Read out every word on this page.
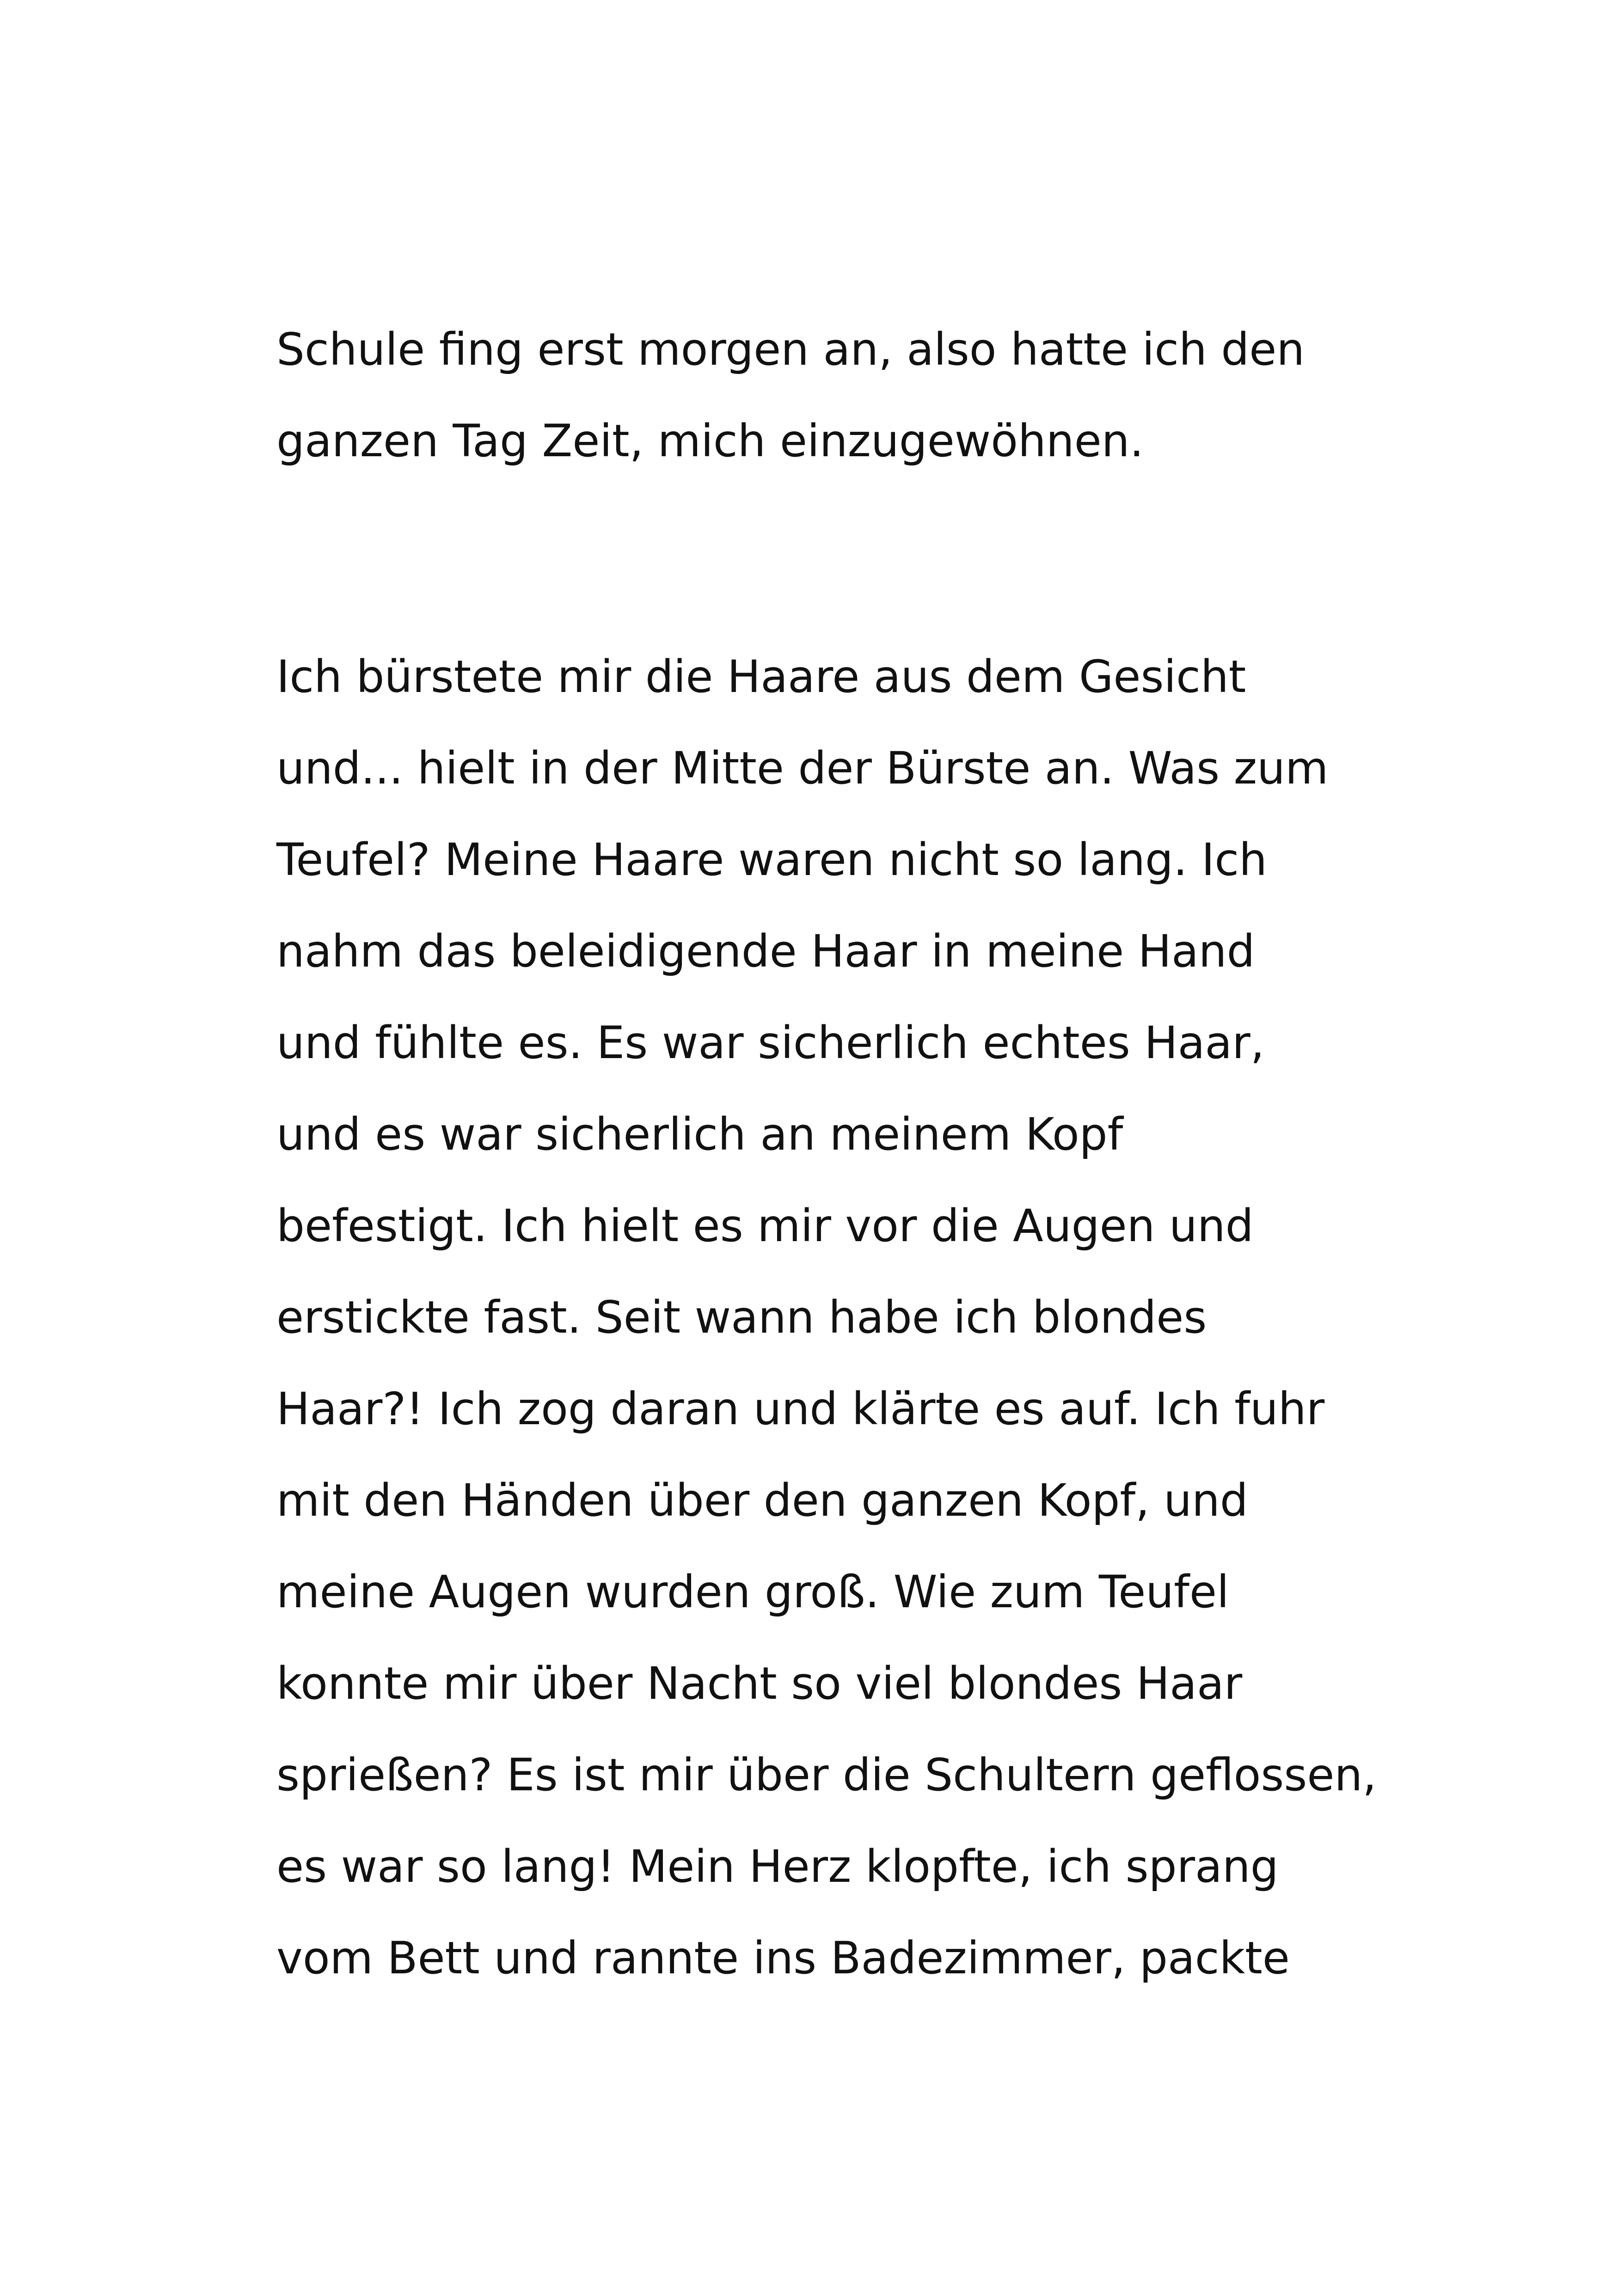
Schule fing erst morgen an, also hatte ich den
ganzen Tag Zeit, mich einzugewöhnen.

Ich bürstete mir die Haare aus dem Gesicht
und... hielt in der Mitte der Bürste an. Was zum
Teufel? Meine Haare waren nicht so lang. Ich
nahm das beleidigende Haar in meine Hand
und fühlte es. Es war sicherlich echtes Haar,
und es war sicherlich an meinem Kopf
befestigt. Ich hielt es mir vor die Augen und
erstickte fast. Seit wann habe ich blondes
Haar?! Ich zog daran und klärte es auf. Ich fuhr
mit den Händen über den ganzen Kopf, und
meine Augen wurden groß. Wie zum Teufel
konnte mir über Nacht so viel blondes Haar
sprießen? Es ist mir über die Schultern geflossen,
es war so lang! Mein Herz klopfte, ich sprang
vom Bett und rannte ins Badezimmer, packte
